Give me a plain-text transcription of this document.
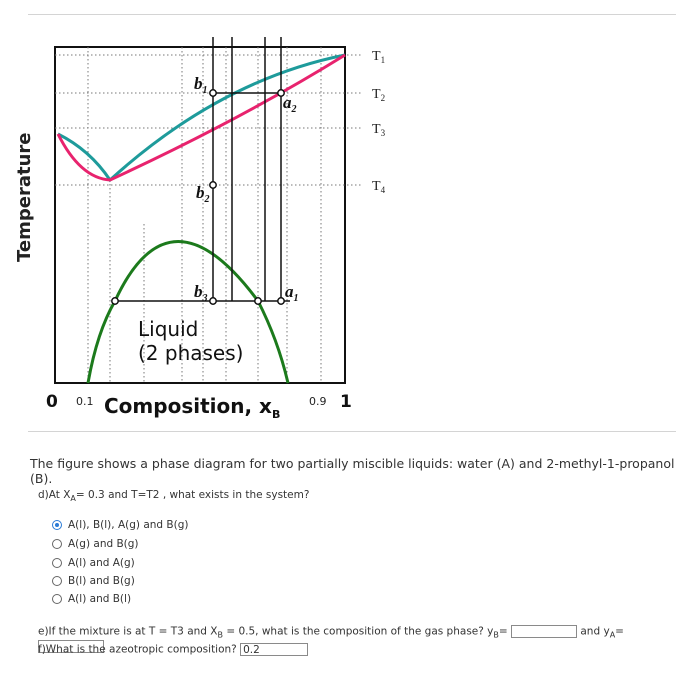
$b_1$
$a_2$
$b_2$
$b_3$	$a_1$
$T_1$
$T_2$
$T_3$
$T_4$
Liquid
(2 phases)
0 0.1	0.9 1
Composition, $x_B$
Temperature
The figure shows a phase diagram for two partially miscible liquids: water (A) and 2-methyl-1-propanol (B).
d)At $X_A= 0.3$ and T=T2 , what exists in the system?
A(l), B(l), A(g) and B(g)
A(g) and B(g)
A(l) and A(g)
B(l) and B(g)
A(l) and B(l)
e)If the mixture is at T = T3 and $X_B = 0.5$, what is the composition of the gas phase? $y_B=$	and $y_A=$
f)What is the azeotropic composition? 0.2
